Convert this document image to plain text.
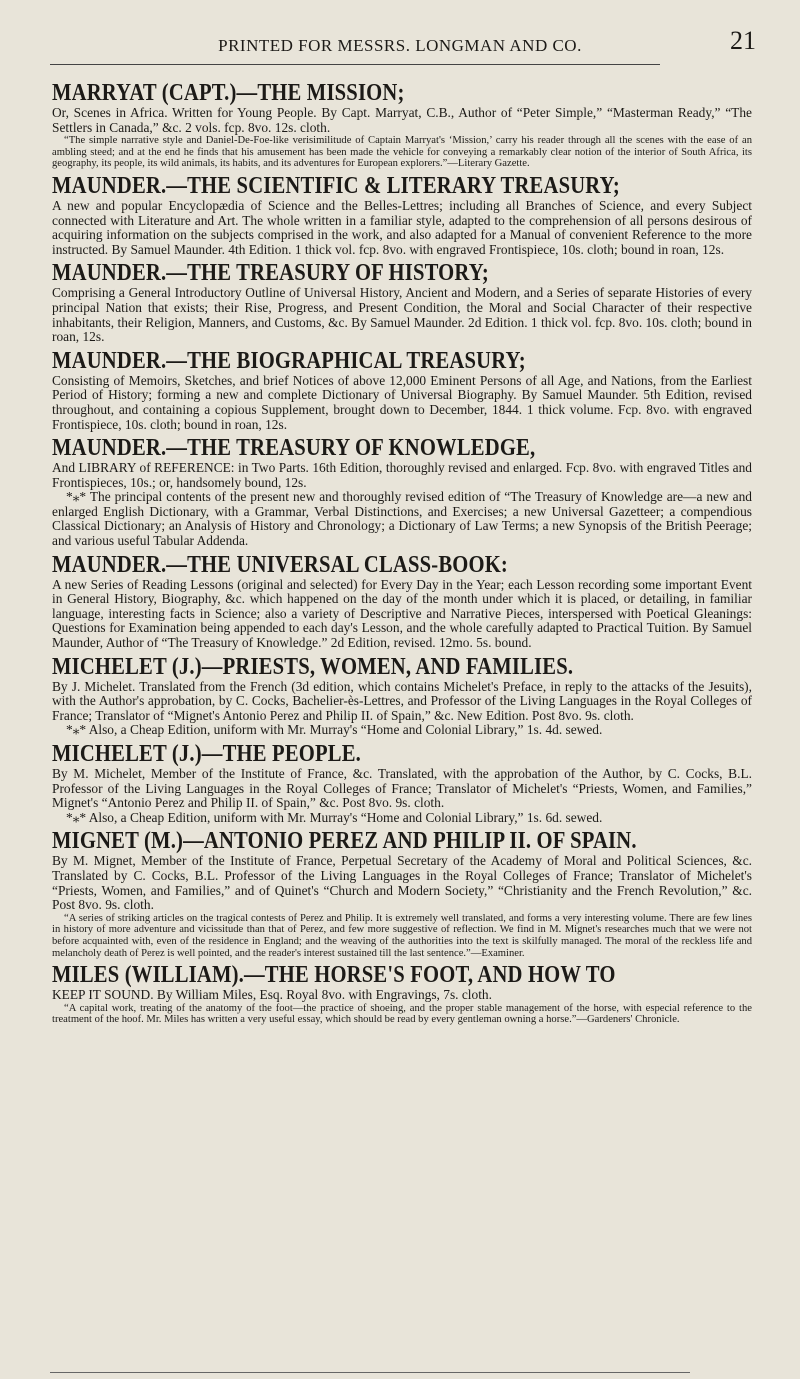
PRINTED FOR MESSRS. LONGMAN AND CO.	21
MARRYAT (CAPT.)—THE MISSION;
Or, Scenes in Africa. Written for Young People. By Capt. Marryat, C.B., Author of “Peter Simple,” “Masterman Ready,” “The Settlers in Canada,” &c. 2 vols. fcp. 8vo. 12s. cloth.
“The simple narrative style and Daniel-De-Foe-like verisimilitude of Captain Marryat's ‘Mission,’ carry his reader through all the scenes with the ease of an ambling steed; and at the end he finds that his amusement has been made the vehicle for conveying a remarkably clear notion of the interior of South Africa, its geography, its people, its wild animals, its habits, and its adventures for European explorers.”—Literary Gazette.
MAUNDER.—THE SCIENTIFIC & LITERARY TREASURY;
A new and popular Encyclopædia of Science and the Belles-Lettres; including all Branches of Science, and every Subject connected with Literature and Art. The whole written in a familiar style, adapted to the comprehension of all persons desirous of acquiring information on the subjects comprised in the work, and also adapted for a Manual of convenient Reference to the more instructed. By Samuel Maunder. 4th Edition. 1 thick vol. fcp. 8vo. with engraved Frontispiece, 10s. cloth; bound in roan, 12s.
MAUNDER.—THE TREASURY OF HISTORY;
Comprising a General Introductory Outline of Universal History, Ancient and Modern, and a Series of separate Histories of every principal Nation that exists; their Rise, Progress, and Present Condition, the Moral and Social Character of their respective inhabitants, their Religion, Manners, and Customs, &c. By Samuel Maunder. 2d Edition. 1 thick vol. fcp. 8vo. 10s. cloth; bound in roan, 12s.
MAUNDER.—THE BIOGRAPHICAL TREASURY;
Consisting of Memoirs, Sketches, and brief Notices of above 12,000 Eminent Persons of all Age, and Nations, from the Earliest Period of History; forming a new and complete Dictionary of Universal Biography. By Samuel Maunder. 5th Edition, revised throughout, and containing a copious Supplement, brought down to December, 1844. 1 thick volume. Fcp. 8vo. with engraved Frontispiece, 10s. cloth; bound in roan, 12s.
MAUNDER.—THE TREASURY OF KNOWLEDGE,
And LIBRARY of REFERENCE: in Two Parts. 16th Edition, thoroughly revised and enlarged. Fcp. 8vo. with engraved Titles and Frontispieces, 10s.; or, handsomely bound, 12s.
*⁎* The principal contents of the present new and thoroughly revised edition of “The Treasury of Knowledge are—a new and enlarged English Dictionary, with a Grammar, Verbal Distinctions, and Exercises; a new Universal Gazetteer; a compendious Classical Dictionary; an Analysis of History and Chronology; a Dictionary of Law Terms; a new Synopsis of the British Peerage; and various useful Tabular Addenda.
MAUNDER.—THE UNIVERSAL CLASS-BOOK:
A new Series of Reading Lessons (original and selected) for Every Day in the Year; each Lesson recording some important Event in General History, Biography, &c. which happened on the day of the month under which it is placed, or detailing, in familiar language, interesting facts in Science; also a variety of Descriptive and Narrative Pieces, interspersed with Poetical Gleanings: Questions for Examination being appended to each day's Lesson, and the whole carefully adapted to Practical Tuition. By Samuel Maunder, Author of “The Treasury of Knowledge.” 2d Edition, revised. 12mo. 5s. bound.
MICHELET (J.)—PRIESTS, WOMEN, AND FAMILIES.
By J. Michelet. Translated from the French (3d edition, which contains Michelet's Preface, in reply to the attacks of the Jesuits), with the Author's approbation, by C. Cocks, Bachelier-ès-Lettres, and Professor of the Living Languages in the Royal Colleges of France; Translator of “Mignet's Antonio Perez and Philip II. of Spain,” &c. New Edition. Post 8vo. 9s. cloth.
*⁎* Also, a Cheap Edition, uniform with Mr. Murray's “Home and Colonial Library,” 1s. 4d. sewed.
MICHELET (J.)—THE PEOPLE.
By M. Michelet, Member of the Institute of France, &c. Translated, with the approbation of the Author, by C. Cocks, B.L. Professor of the Living Languages in the Royal Colleges of France; Translator of Michelet's “Priests, Women, and Families,” Mignet's “Antonio Perez and Philip II. of Spain,” &c. Post 8vo. 9s. cloth.
*⁎* Also, a Cheap Edition, uniform with Mr. Murray's “Home and Colonial Library,” 1s. 6d. sewed.
MIGNET (M.)—ANTONIO PEREZ AND PHILIP II. OF SPAIN.
By M. Mignet, Member of the Institute of France, Perpetual Secretary of the Academy of Moral and Political Sciences, &c. Translated by C. Cocks, B.L. Professor of the Living Languages in the Royal Colleges of France; Translator of Michelet's “Priests, Women, and Families,” and of Quinet's “Church and Modern Society,” “Christianity and the French Revolution,” &c. Post 8vo. 9s. cloth.
“A series of striking articles on the tragical contests of Perez and Philip. It is extremely well translated, and forms a very interesting volume. There are few lines in history of more adventure and vicissitude than that of Perez, and few more suggestive of reflection. We find in M. Mignet's researches much that we were not before acquainted with, even of the residence in England; and the weaving of the authorities into the text is skilfully managed. The moral of the reckless life and melancholy death of Perez is well pointed, and the reader's interest sustained till the last sentence.”—Examiner.
MILES (WILLIAM).—THE HORSE'S FOOT, AND HOW TO
KEEP IT SOUND. By William Miles, Esq. Royal 8vo. with Engravings, 7s. cloth.
“A capital work, treating of the anatomy of the foot—the practice of shoeing, and the proper stable management of the horse, with especial reference to the treatment of the hoof. Mr. Miles has written a very useful essay, which should be read by every gentleman owning a horse.”—Gardeners' Chronicle.
